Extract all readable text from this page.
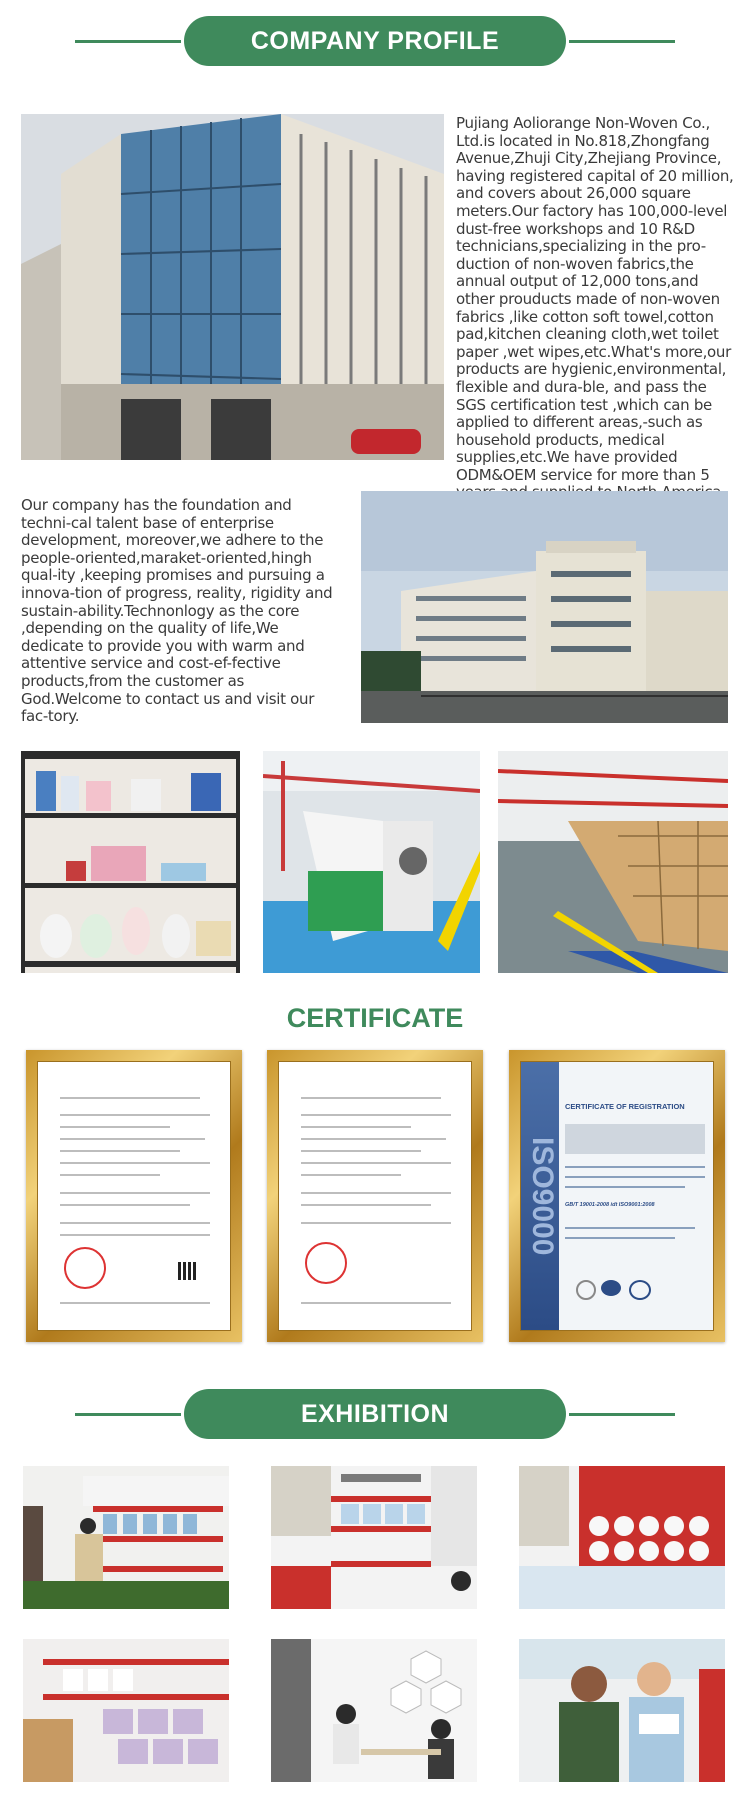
COMPANY PROFILE
Pujiang Aoliorange Non-Woven Co., Ltd.is located in No.818,Zhongfang Avenue,Zhuji City,Zhejiang Province, having registered capital of 20 million, and covers about 26,000 square meters.Our factory has 100,000-level dust-free workshops and 10 R&D technicians,specializing in the pro-duction of non-woven fabrics,the annual output of 12,000 tons,and other prouducts made of non-woven fabrics ,like cotton soft towel,cotton pad,kitchen cleaning cloth,wet toilet paper ,wet wipes,etc.What's more,our products are hygienic,environmental, flexible and dura-ble, and pass the SGS certification test ,which can be applied to different areas,-such as household products, medical supplies,etc.We have provided ODM&OEM service for more than 5
Our company has the foundation and techni-cal talent base of enterprise development, moreover,we adhere to the people-oriented,maraket-oriented,hingh qual-ity ,keeping promises and pursuing a innova-tion of progress, reality, rigidity and sustain-ability.Technonlogy as the core ,depending on the quality of life,We dedicate to provide you with warm and attentive service and cost-ef-fective products,from the customer as God.Welcome to contact us and visit our fac-tory.
CERTIFICATE
ISO9000
CERTIFICATE OF REGISTRATION
GB/T 19001-2008 idt ISO9001:2008
EXHIBITION
